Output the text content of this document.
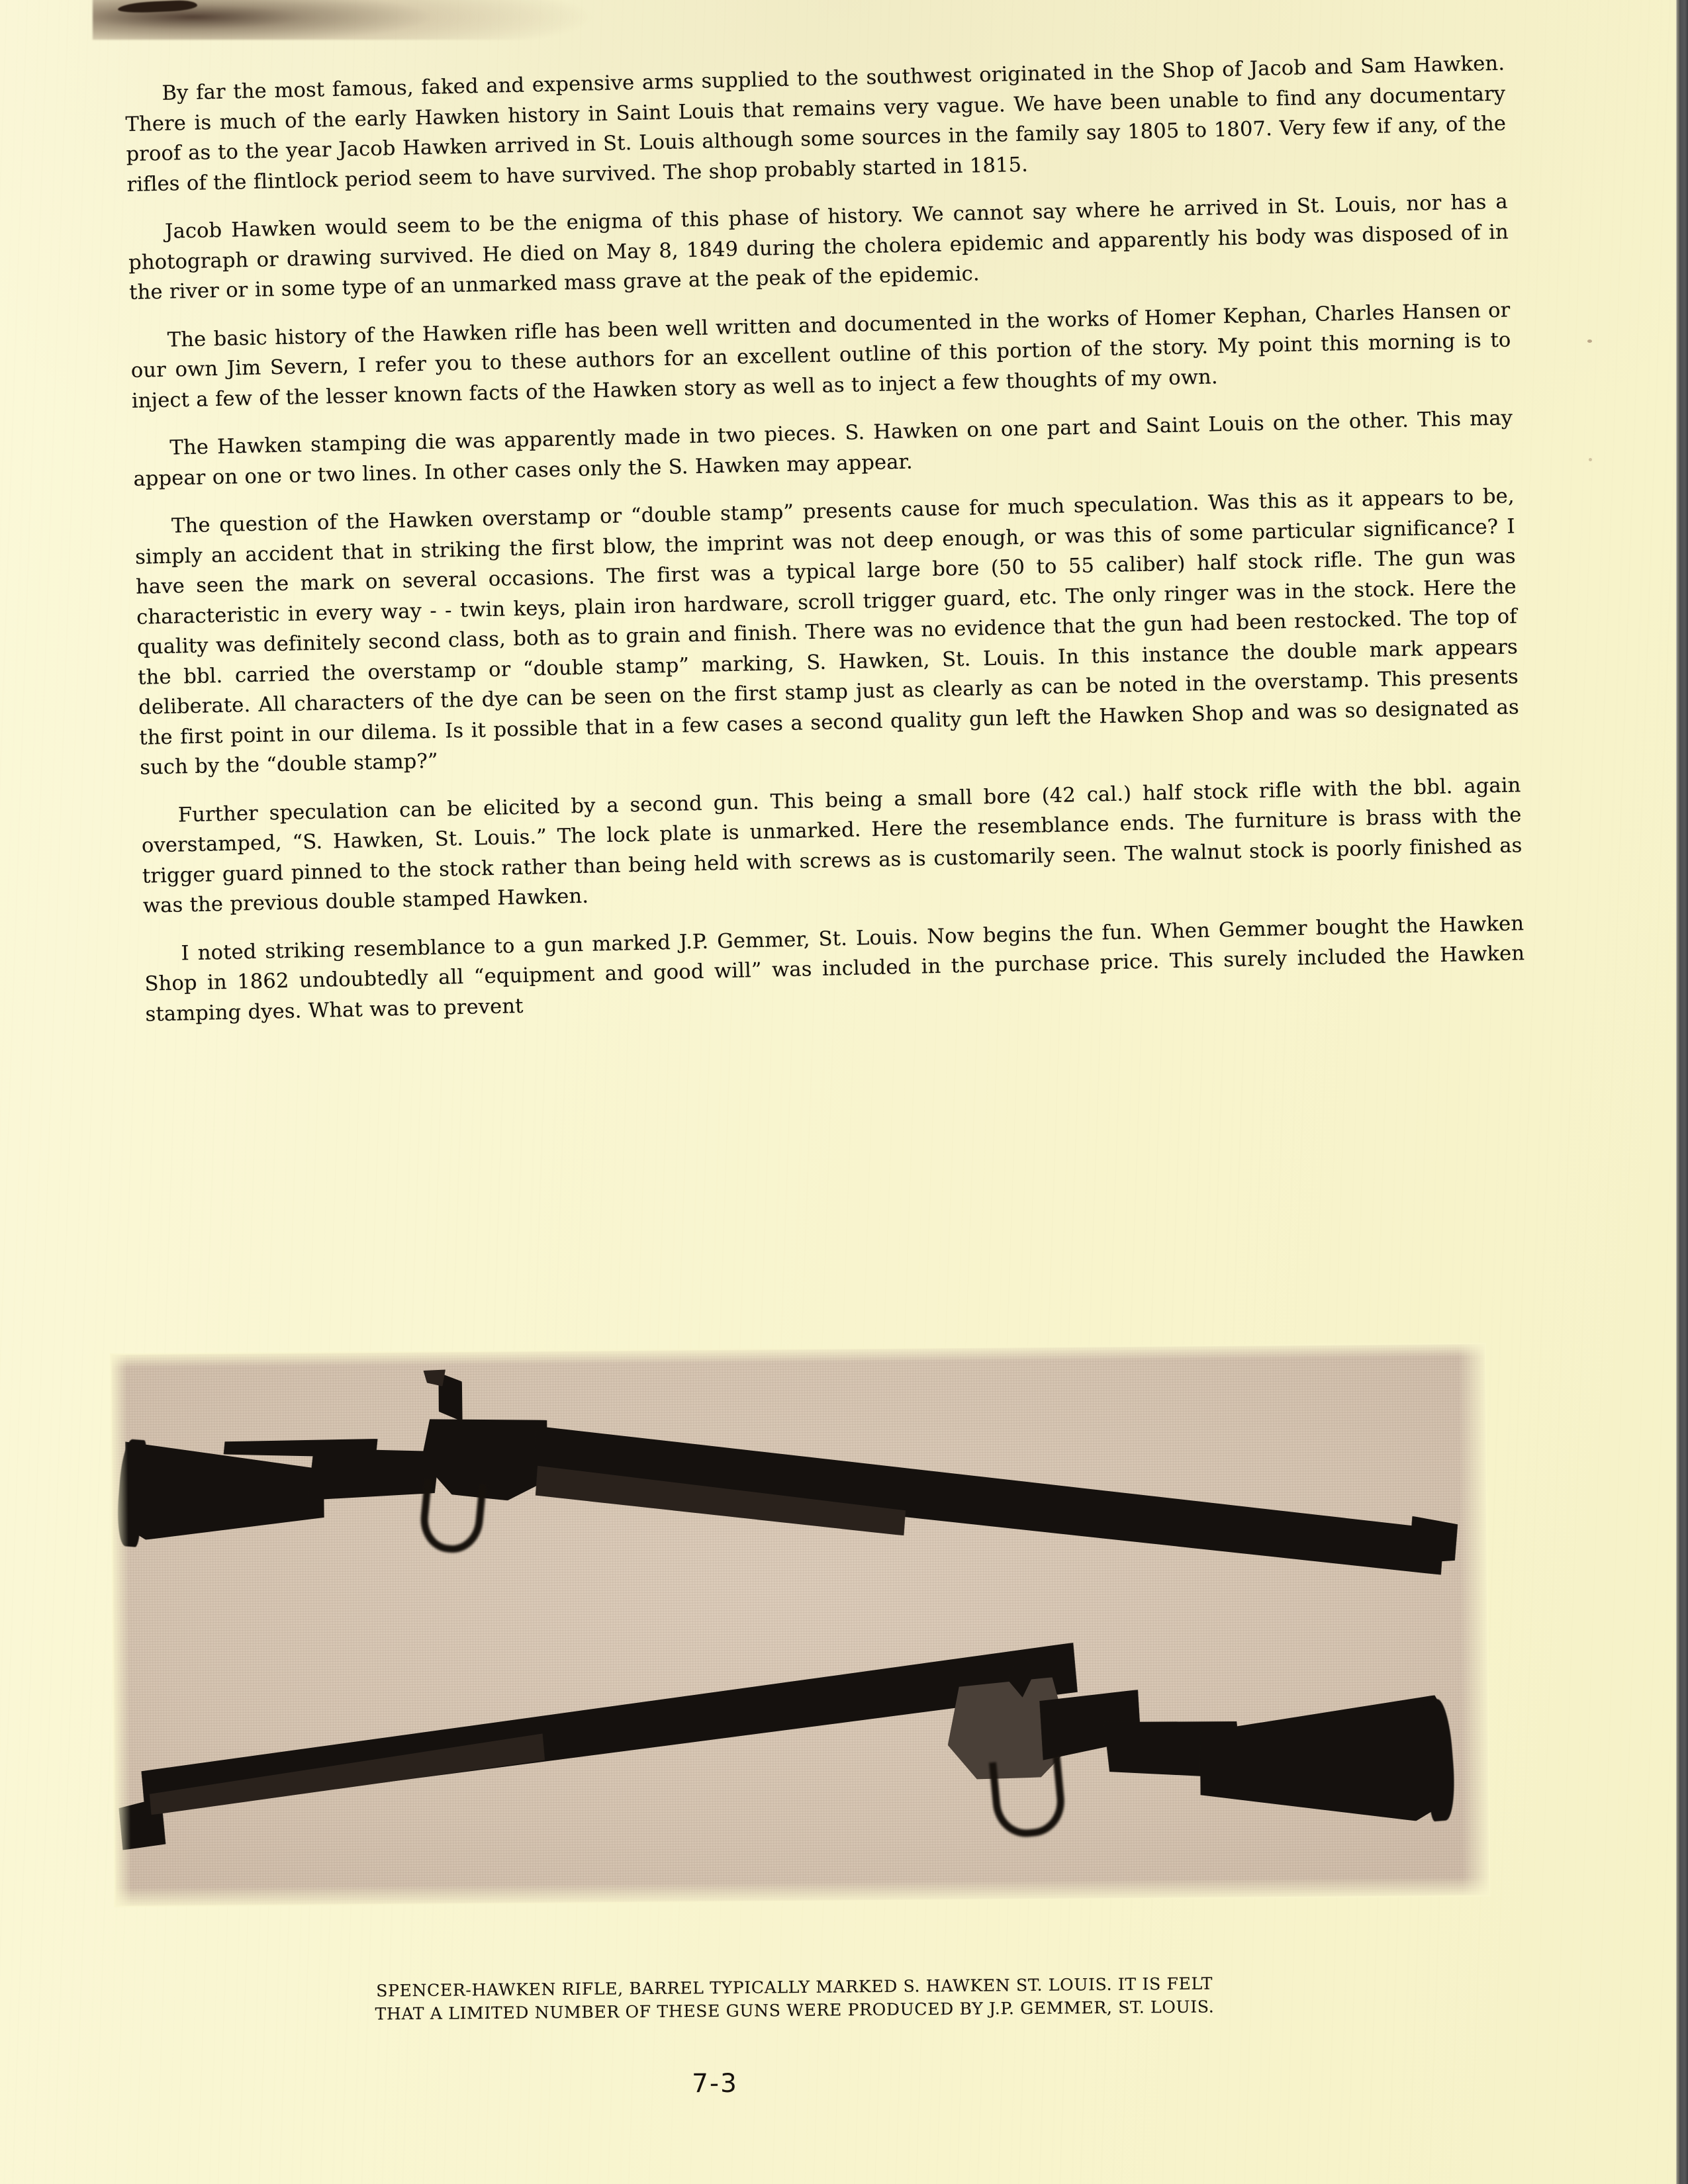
By far the most famous, faked and expensive arms supplied to the southwest originated in the Shop of Jacob and Sam Hawken. There is much of the early Hawken history in Saint Louis that remains very vague. We have been unable to find any documentary proof as to the year Jacob Hawken arrived in St. Louis although some sources in the family say 1805 to 1807. Very few if any, of the rifles of the flintlock period seem to have survived. The shop probably started in 1815.

Jacob Hawken would seem to be the enigma of this phase of history. We cannot say where he arrived in St. Louis, nor has a photograph or drawing survived. He died on May 8, 1849 during the cholera epidemic and apparently his body was disposed of in the river or in some type of an unmarked mass grave at the peak of the epidemic.

The basic history of the Hawken rifle has been well written and documented in the works of Homer Kephan, Charles Hansen or our own Jim Severn, I refer you to these authors for an excellent outline of this portion of the story. My point this morning is to inject a few of the lesser known facts of the Hawken story as well as to inject a few thoughts of my own.

The Hawken stamping die was apparently made in two pieces. S. Hawken on one part and Saint Louis on the other. This may appear on one or two lines. In other cases only the S. Hawken may appear.

The question of the Hawken overstamp or “double stamp” presents cause for much speculation. Was this as it appears to be, simply an accident that in striking the first blow, the imprint was not deep enough, or was this of some particular significance? I have seen the mark on several occasions. The first was a typical large bore (50 to 55 caliber) half stock rifle. The gun was characteristic in every way - - twin keys, plain iron hardware, scroll trigger guard, etc. The only ringer was in the stock. Here the quality was definitely second class, both as to grain and finish. There was no evidence that the gun had been restocked. The top of the bbl. carried the overstamp or “double stamp” marking, S. Hawken, St. Louis. In this instance the double mark appears deliberate. All characters of the dye can be seen on the first stamp just as clearly as can be noted in the overstamp. This presents the first point in our dilema. Is it possible that in a few cases a second quality gun left the Hawken Shop and was so designated as such by the “double stamp?”

Further speculation can be elicited by a second gun. This being a small bore (42 cal.) half stock rifle with the bbl. again overstamped, “S. Hawken, St. Louis.” The lock plate is unmarked. Here the resemblance ends. The furniture is brass with the trigger guard pinned to the stock rather than being held with screws as is customarily seen. The walnut stock is poorly finished as was the previous double stamped Hawken.

I noted striking resemblance to a gun marked J.P. Gemmer, St. Louis. Now begins the fun. When Gemmer bought the Hawken Shop in 1862 undoubtedly all “equipment and good will” was included in the purchase price. This surely included the Hawken stamping dyes. What was to prevent

SPENCER-HAWKEN RIFLE, BARREL TYPICALLY MARKED S. HAWKEN ST. LOUIS. IT IS FELT
THAT A LIMITED NUMBER OF THESE GUNS WERE PRODUCED BY J.P. GEMMER, ST. LOUIS.
7-3
